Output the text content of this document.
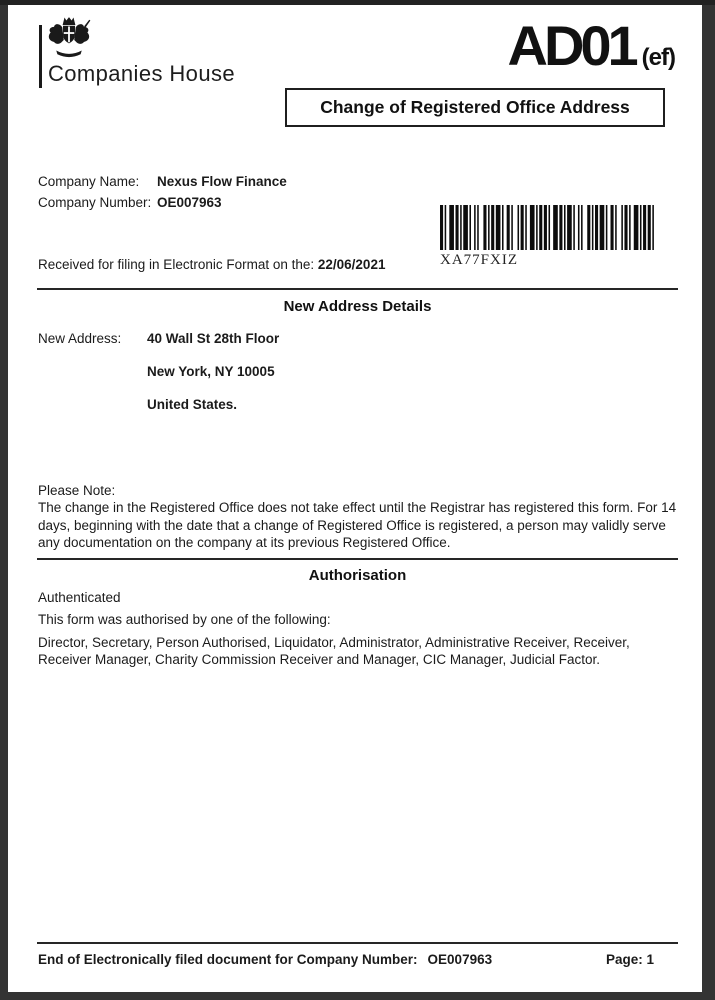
Companies House	AD01 (ef)
Change of Registered Office Address
Company Name: Nexus Flow Finance
Company Number: OE007963
XA77FXIZ
Received for filing in Electronic Format on the: 22/06/2021
New Address Details
New Address:	40 Wall St 28th Floor
New York, NY 10005
United States.
Please Note:
The change in the Registered Office does not take effect until the Registrar has registered this form. For 14 days, beginning with the date that a change of Registered Office is registered, a person may validly serve any documentation on the company at its previous Registered Office.
Authorisation
Authenticated
This form was authorised by one of the following:
Director, Secretary, Person Authorised, Liquidator, Administrator, Administrative Receiver, Receiver, Receiver Manager, Charity Commission Receiver and Manager, CIC Manager, Judicial Factor.
End of Electronically filed document for Company Number: OE007963	Page: 1
